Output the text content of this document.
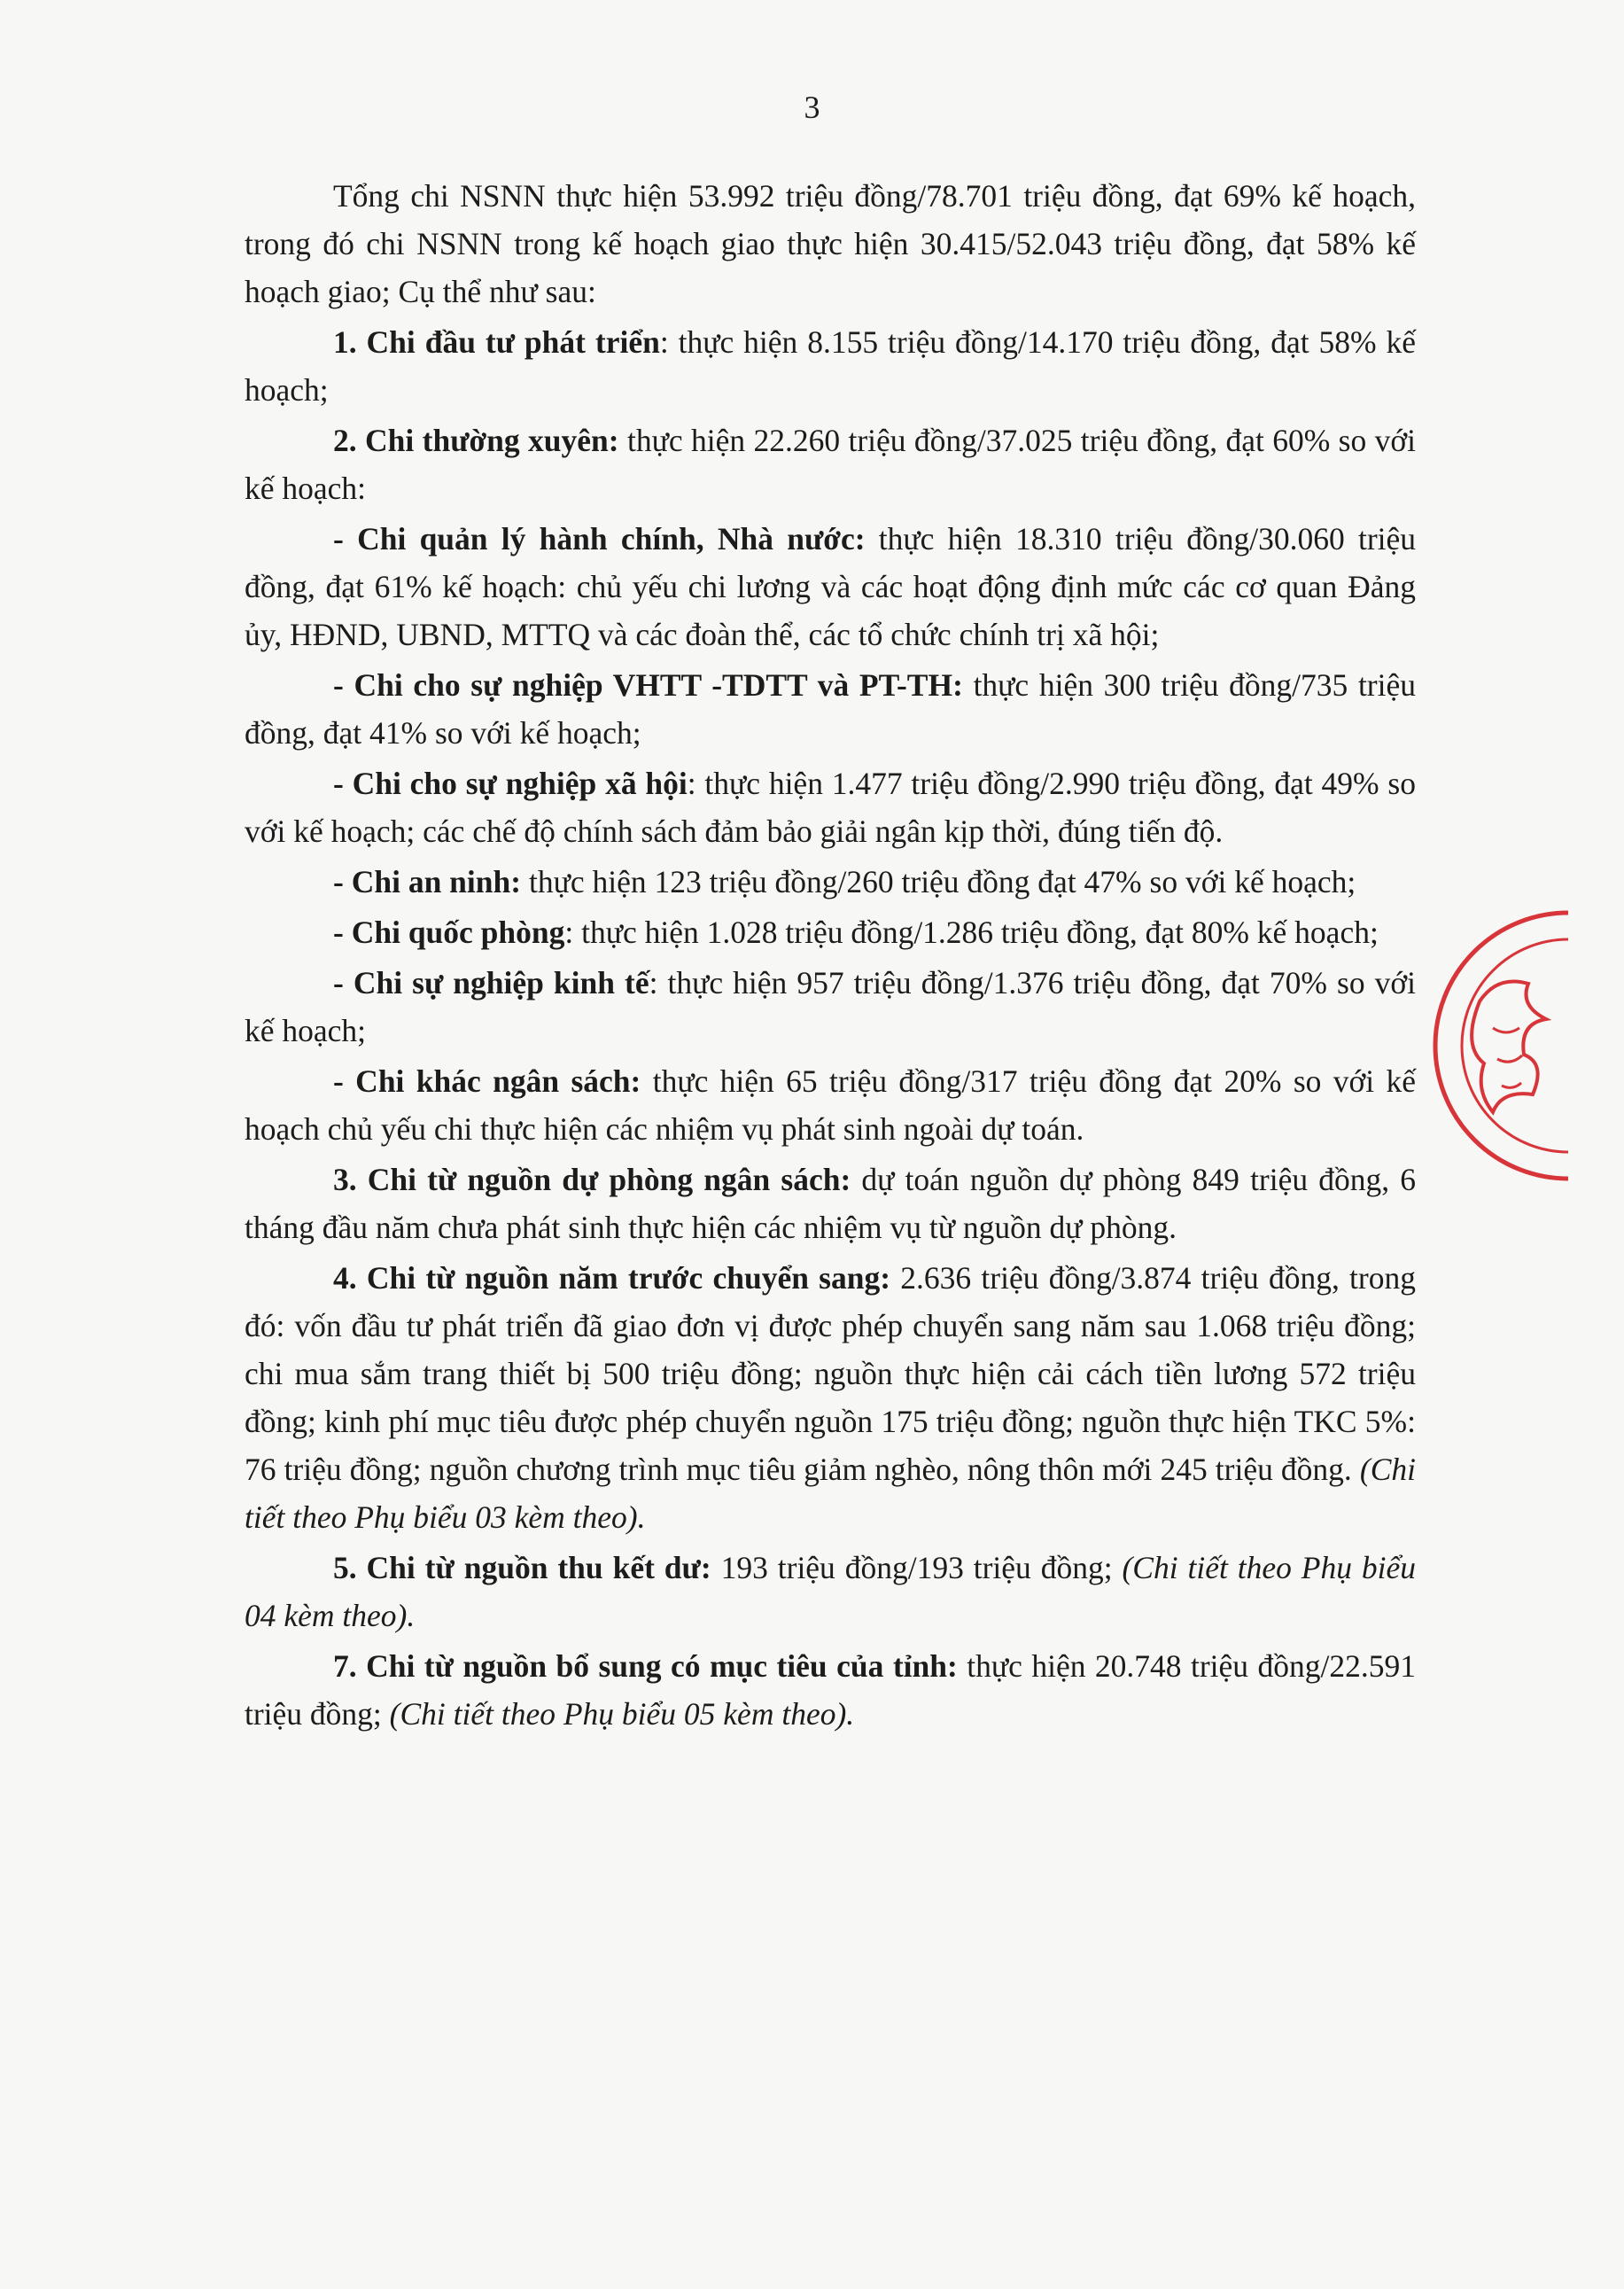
3

Tổng chi NSNN thực hiện 53.992 triệu đồng/78.701 triệu đồng, đạt 69% kế hoạch, trong đó chi NSNN trong kế hoạch giao thực hiện 30.415/52.043 triệu đồng, đạt 58% kế hoạch giao; Cụ thể như sau:

1. Chi đầu tư phát triển: thực hiện 8.155 triệu đồng/14.170 triệu đồng, đạt 58% kế hoạch;

2. Chi thường xuyên: thực hiện 22.260 triệu đồng/37.025 triệu đồng, đạt 60% so với kế hoạch:

- Chi quản lý hành chính, Nhà nước: thực hiện 18.310 triệu đồng/30.060 triệu đồng, đạt 61% kế hoạch: chủ yếu chi lương và các hoạt động định mức các cơ quan Đảng ủy, HĐND, UBND, MTTQ và các đoàn thể, các tổ chức chính trị xã hội;

- Chi cho sự nghiệp VHTT -TDTT và PT-TH: thực hiện 300 triệu đồng/735 triệu đồng, đạt 41% so với kế hoạch;

- Chi cho sự nghiệp xã hội: thực hiện 1.477 triệu đồng/2.990 triệu đồng, đạt 49% so với kế hoạch; các chế độ chính sách đảm bảo giải ngân kịp thời, đúng tiến độ.

- Chi an ninh: thực hiện 123 triệu đồng/260 triệu đồng đạt 47% so với kế hoạch;

- Chi quốc phòng: thực hiện 1.028 triệu đồng/1.286 triệu đồng, đạt 80% kế hoạch;

- Chi sự nghiệp kinh tế: thực hiện 957 triệu đồng/1.376 triệu đồng, đạt 70% so với kế hoạch;

- Chi khác ngân sách: thực hiện 65 triệu đồng/317 triệu đồng đạt 20% so với kế hoạch chủ yếu chi thực hiện các nhiệm vụ phát sinh ngoài dự toán.

3. Chi từ nguồn dự phòng ngân sách: dự toán nguồn dự phòng 849 triệu đồng, 6 tháng đầu năm chưa phát sinh thực hiện các nhiệm vụ từ nguồn dự phòng.

4. Chi từ nguồn năm trước chuyển sang: 2.636 triệu đồng/3.874 triệu đồng, trong đó: vốn đầu tư phát triển đã giao đơn vị được phép chuyển sang năm sau 1.068 triệu đồng; chi mua sắm trang thiết bị 500 triệu đồng; nguồn thực hiện cải cách tiền lương 572 triệu đồng; kinh phí mục tiêu được phép chuyển nguồn 175 triệu đồng; nguồn thực hiện TKC 5%: 76 triệu đồng; nguồn chương trình mục tiêu giảm nghèo, nông thôn mới 245 triệu đồng. (Chi tiết theo Phụ biểu 03 kèm theo).

5. Chi từ nguồn thu kết dư: 193 triệu đồng/193 triệu đồng; (Chi tiết theo Phụ biểu 04 kèm theo).

7. Chi từ nguồn bổ sung có mục tiêu của tỉnh: thực hiện 20.748 triệu đồng/22.591 triệu đồng; (Chi tiết theo Phụ biểu 05 kèm theo).
